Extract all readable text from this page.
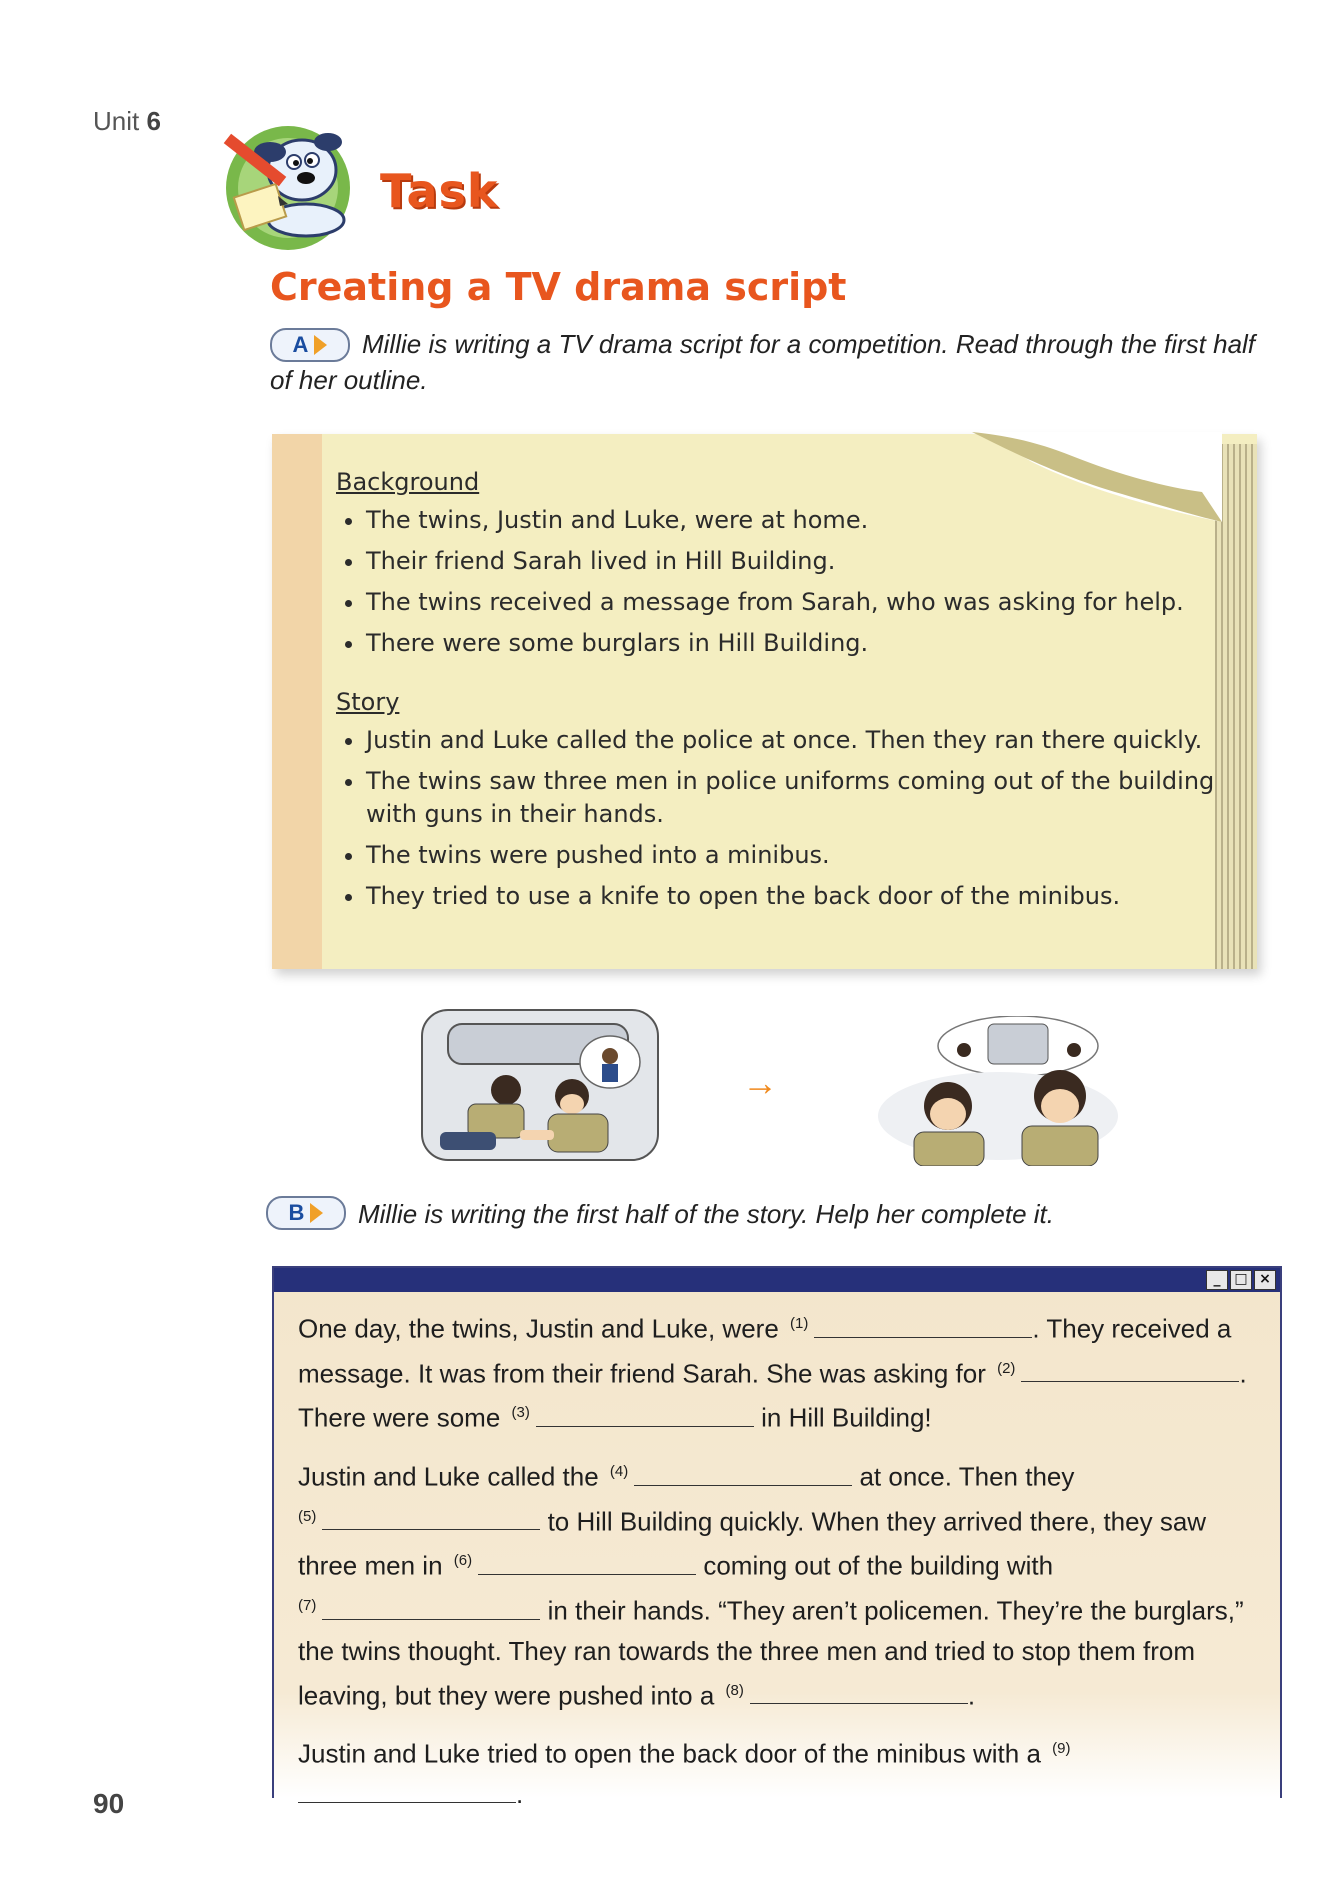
Unit 6
Task
Creating a TV drama script
A	Millie is writing a TV drama script for a competition. Read through the first half of her outline.
Background
• The twins, Justin and Luke, were at home.
• Their friend Sarah lived in Hill Building.
• The twins received a message from Sarah, who was asking for help.
• There were some burglars in Hill Building.
Story
• Justin and Luke called the police at once. Then they ran there quickly.
• The twins saw three men in police uniforms coming out of the building with guns in their hands.
• The twins were pushed into a minibus.
• They tried to use a knife to open the back door of the minibus.
→
B Millie is writing the first half of the story. Help her complete it.
_ □ ×

One day, the twins, Justin and Luke, were $^{(1)}$	. They received a message. It was from their friend Sarah. She was asking for $^{(2)}$	. There were some $^{(3)}$	in Hill Building!

Justin and Luke called the $^{(4)}$	at once. Then they
$^{(5)}$	to Hill Building quickly. When they arrived there, they saw three men in $^{(6)}$	coming out of the building with
$^{(7)}$	in their hands. “They aren’t policemen. They’re the burglars,” the twins thought. They ran towards the three men and tried to stop them from leaving, but they were pushed into a $^{(8)}$	.

Justin and Luke tried to open the back door of the minibus with a $^{(9)}$.

90
